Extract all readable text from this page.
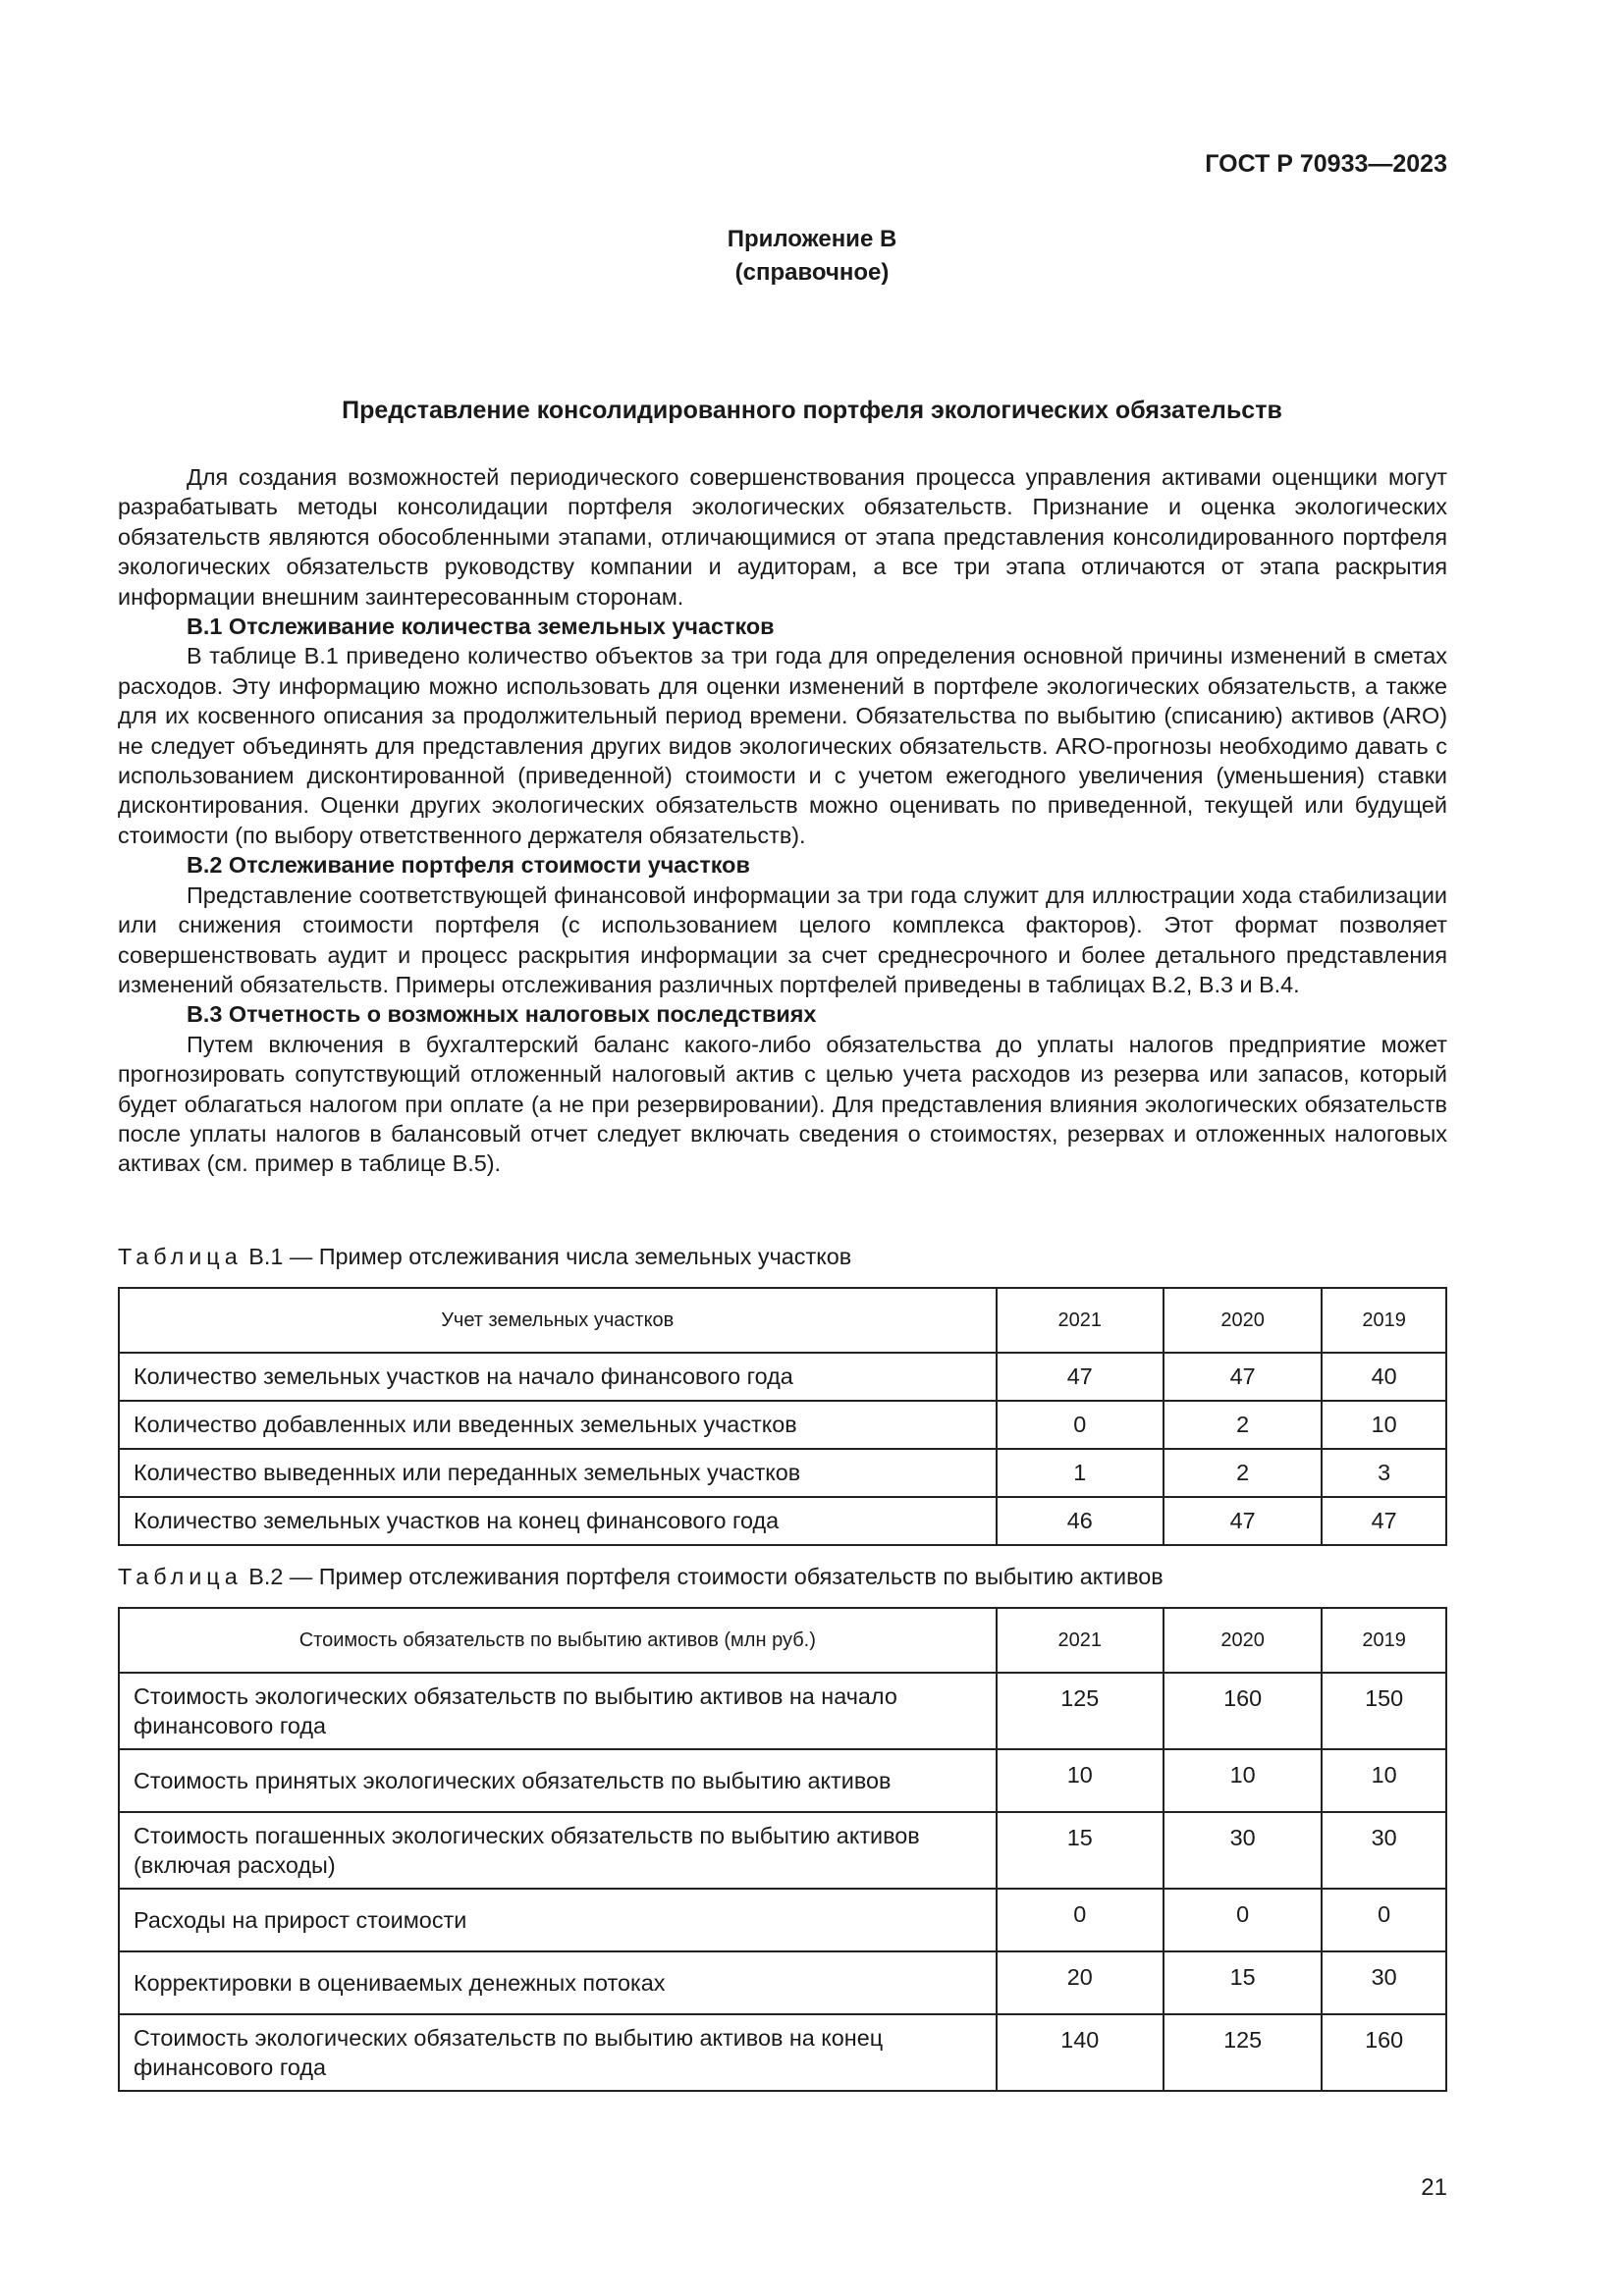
ГОСТ Р 70933—2023
Приложение В
(справочное)
Представление консолидированного портфеля экологических обязательств

Для создания возможностей периодического совершенствования процесса управления активами оценщики могут разрабатывать методы консолидации портфеля экологических обязательств. Признание и оценка экологических обязательств являются обособленными этапами, отличающимися от этапа представления консолидированного портфеля экологических обязательств руководству компании и аудиторам, а все три этапа отличаются от этапа раскрытия информации внешним заинтересованным сторонам.

В.1 Отслеживание количества земельных участков

В таблице В.1 приведено количество объектов за три года для определения основной причины изменений в сметах расходов. Эту информацию можно использовать для оценки изменений в портфеле экологических обязательств, а также для их косвенного описания за продолжительный период времени. Обязательства по выбытию (списанию) активов (ARO) не следует объединять для представления других видов экологических обязательств. ARO-прогнозы необходимо давать с использованием дисконтированной (приведенной) стоимости и с учетом ежегодного увеличения (уменьшения) ставки дисконтирования. Оценки других экологических обязательств можно оценивать по приведенной, текущей или будущей стоимости (по выбору ответственного держателя обязательств).

В.2 Отслеживание портфеля стоимости участков

Представление соответствующей финансовой информации за три года служит для иллюстрации хода стабилизации или снижения стоимости портфеля (с использованием целого комплекса факторов). Этот формат позволяет совершенствовать аудит и процесс раскрытия информации за счет среднесрочного и более детального представления изменений обязательств. Примеры отслеживания различных портфелей приведены в таблицах В.2, В.3 и В.4.

В.3 Отчетность о возможных налоговых последствиях

Путем включения в бухгалтерский баланс какого-либо обязательства до уплаты налогов предприятие может прогнозировать сопутствующий отложенный налоговый актив с целью учета расходов из резерва или запасов, который будет облагаться налогом при оплате (а не при резервировании). Для представления влияния экологических обязательств после уплаты налогов в балансовый отчет следует включать сведения о стоимостях, резервах и отложенных налоговых активах (см. пример в таблице В.5).

Таблица В.1 — Пример отслеживания числа земельных участков
Учет земельных участков	2021	2020	2019
Количество земельных участков на начало финансового года	47	47	40
Количество добавленных или введенных земельных участков	0	2	10
Количество выведенных или переданных земельных участков	1	2	3
Количество земельных участков на конец финансового года	46	47	47
Таблица В.2 — Пример отслеживания портфеля стоимости обязательств по выбытию активов
Стоимость обязательств по выбытию активов (млн руб.)	2021	2020	2019
Стоимость экологических обязательств по выбытию активов на начало финансового года	125	160	150
Стоимость принятых экологических обязательств по выбытию активов	10	10	10
Стоимость погашенных экологических обязательств по выбытию активов (включая расходы)	15	30	30
Расходы на прирост стоимости	0	0	0
Корректировки в оцениваемых денежных потоках	20	15	30
Стоимость экологических обязательств по выбытию активов на конец финансового года	140	125	160
21
